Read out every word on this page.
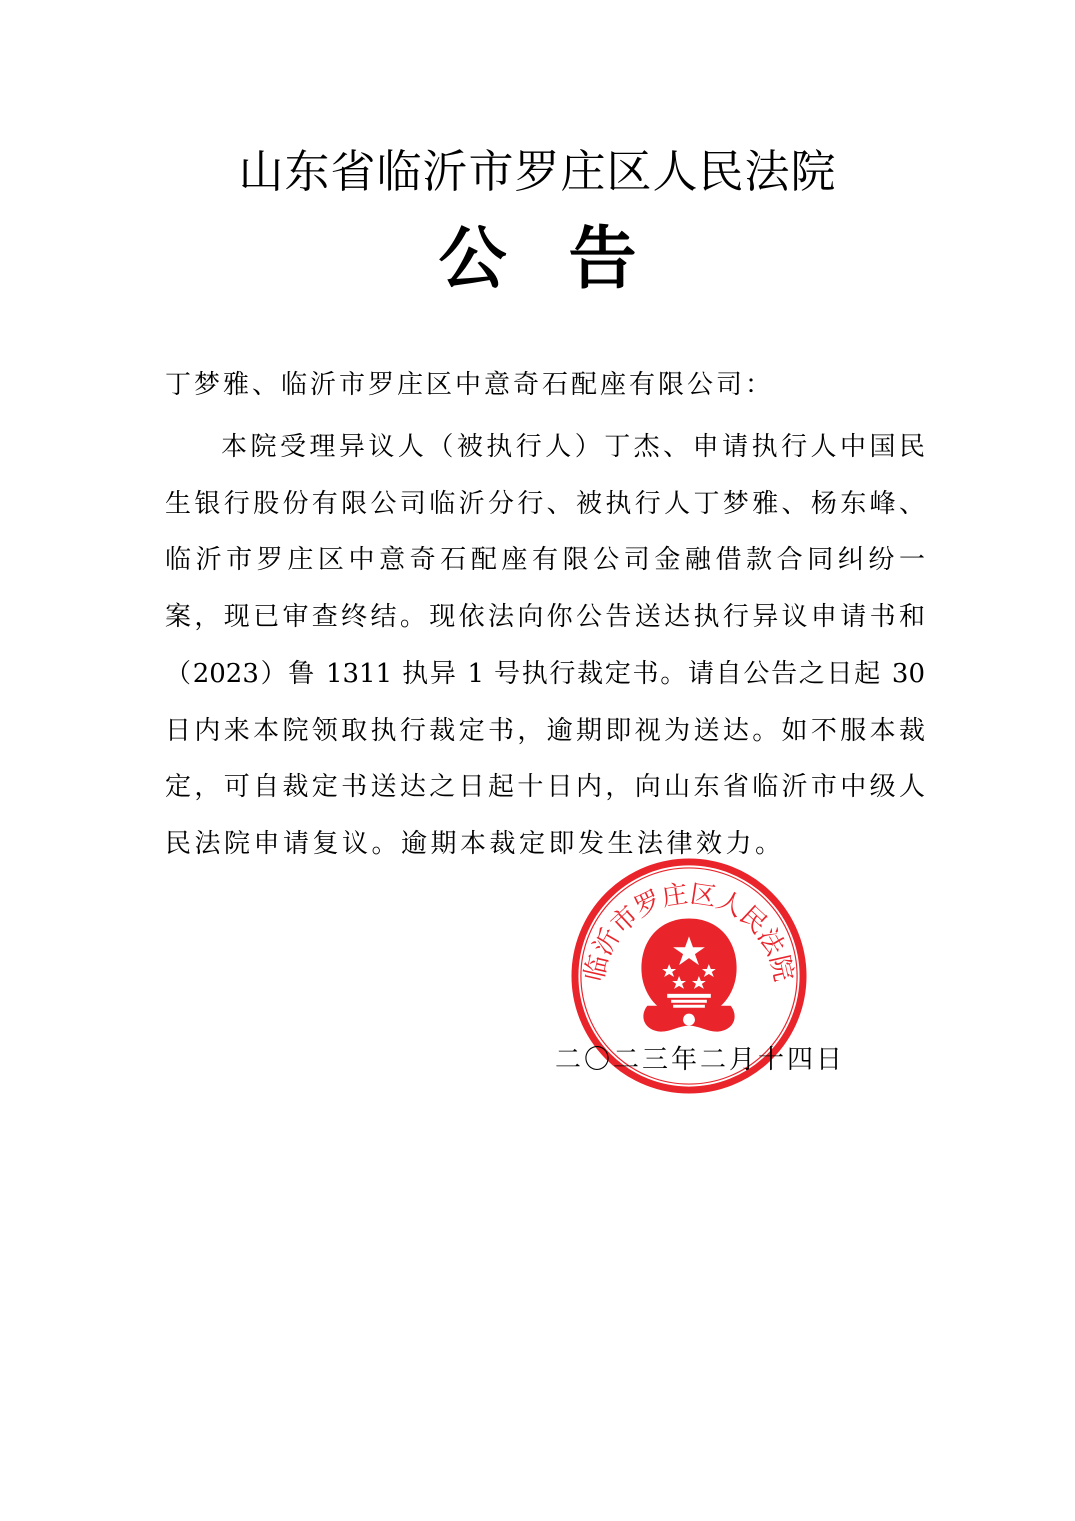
山东省临沂市罗庄区人民法院
公告
丁梦雅、临沂市罗庄区中意奇石配座有限公司：
本院受理异议人（被执行人）丁杰、申请执行人中国民
生银行股份有限公司临沂分行、被执行人丁梦雅、杨东峰、
临沂市罗庄区中意奇石配座有限公司金融借款合同纠纷一
案，现已审查终结。现依法向你公告送达执行异议申请书和
（2023）鲁 1311 执异 1 号执行裁定书。请自公告之日起 30
日内来本院领取执行裁定书，逾期即视为送达。如不服本裁
定，可自裁定书送达之日起十日内，向山东省临沂市中级人
民法院申请复议。逾期本裁定即发生法律效力。
临沂市罗庄区人民法院
二〇二三年二月十四日
